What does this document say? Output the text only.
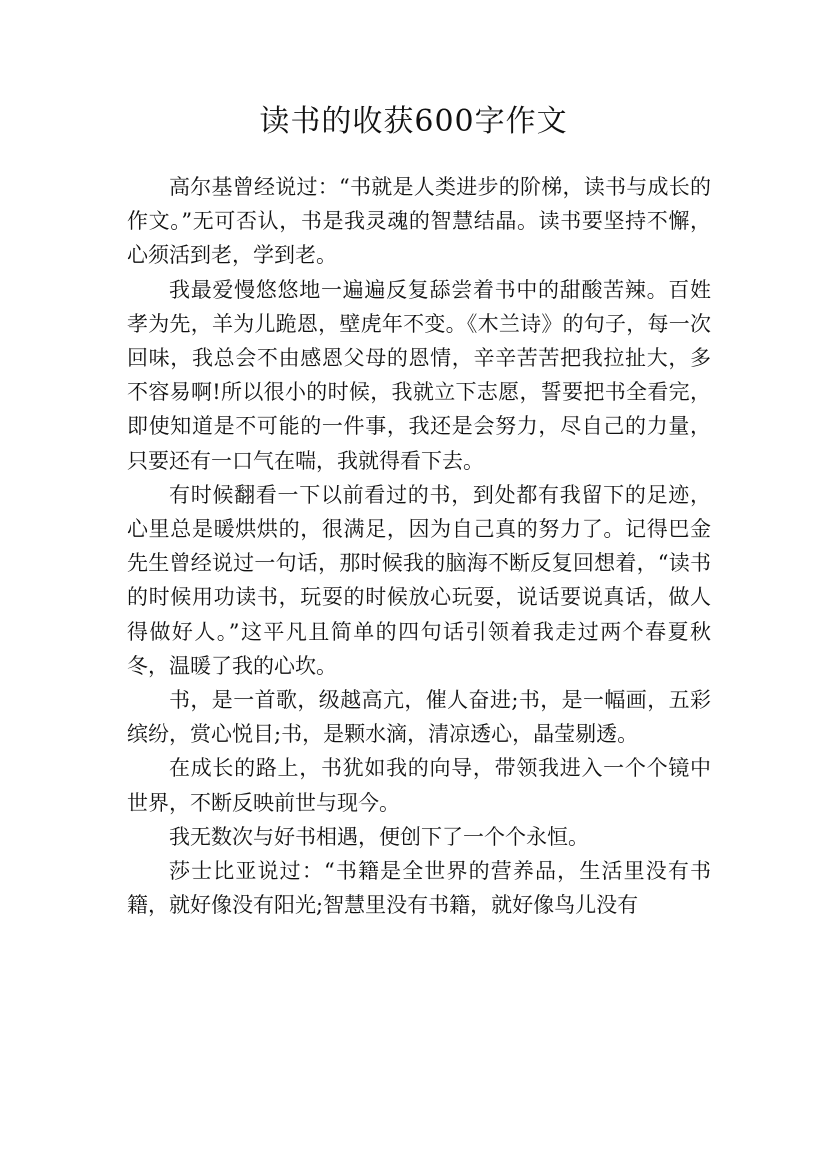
读书的收获600字作文

高尔基曾经说过：“书就是人类进步的阶梯，读书与成长的作文。”无可否认，书是我灵魂的智慧结晶。读书要坚持不懈，心须活到老，学到老。

我最爱慢悠悠地一遍遍反复舔尝着书中的甜酸苦辣。百姓孝为先，羊为儿跪恩，壁虎年不变。《木兰诗》的句子，每一次回味，我总会不由感恩父母的恩情，辛辛苦苦把我拉扯大，多不容易啊!所以很小的时候，我就立下志愿，誓要把书全看完，即使知道是不可能的一件事，我还是会努力，尽自己的力量，只要还有一口气在喘，我就得看下去。

有时候翻看一下以前看过的书，到处都有我留下的足迹，心里总是暖烘烘的，很满足，因为自己真的努力了。记得巴金先生曾经说过一句话，那时候我的脑海不断反复回想着，“读书的时候用功读书，玩耍的时候放心玩耍，说话要说真话，做人得做好人。”这平凡且简单的四句话引领着我走过两个春夏秋冬，温暖了我的心坎。

书，是一首歌，级越高亢，催人奋进;书，是一幅画，五彩缤纷，赏心悦目;书，是颗水滴，清凉透心，晶莹剔透。

在成长的路上，书犹如我的向导，带领我进入一个个镜中世界，不断反映前世与现今。

我无数次与好书相遇，便创下了一个个永恒。

莎士比亚说过：“书籍是全世界的营养品，生活里没有书籍，就好像没有阳光;智慧里没有书籍，就好像鸟儿没有
